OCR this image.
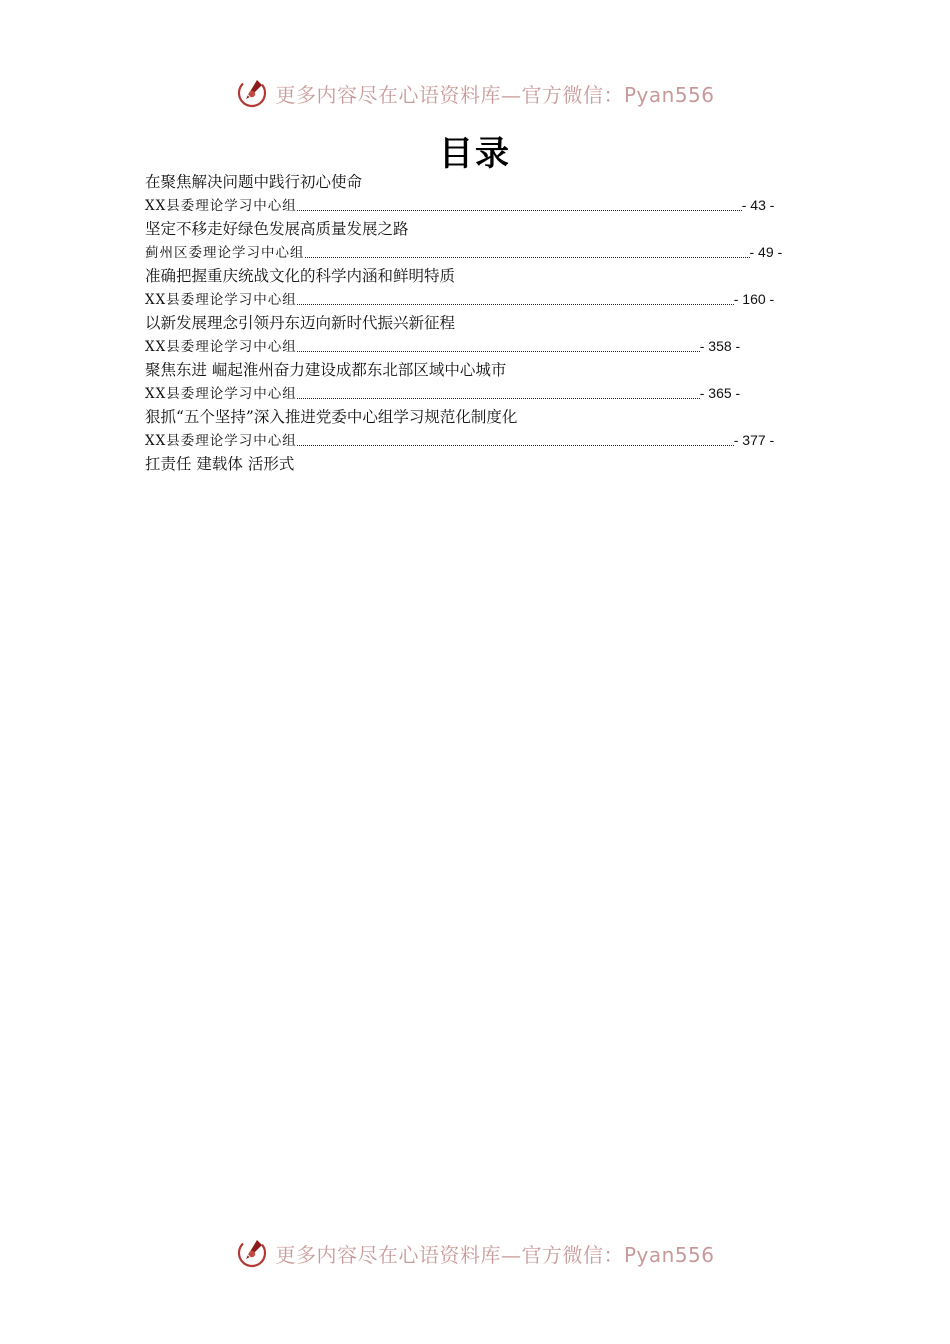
更多内容尽在心语资料库—官方微信：Pyan556
目录
在聚焦解决问题中践行初心使命
XX县委理论学习中心组	- 43 -
坚定不移走好绿色发展高质量发展之路
蓟州区委理论学习中心组	- 49 -
准确把握重庆统战文化的科学内涵和鲜明特质
XX县委理论学习中心组	- 160 -
以新发展理念引领丹东迈向新时代振兴新征程
XX县委理论学习中心组	- 358 -
聚焦东进 崛起淮州奋力建设成都东北部区域中心城市
XX县委理论学习中心组	- 365 -
狠抓“五个坚持”深入推进党委中心组学习规范化制度化
XX县委理论学习中心组	- 377 -
扛责任 建载体 活形式
更多内容尽在心语资料库—官方微信：Pyan556
